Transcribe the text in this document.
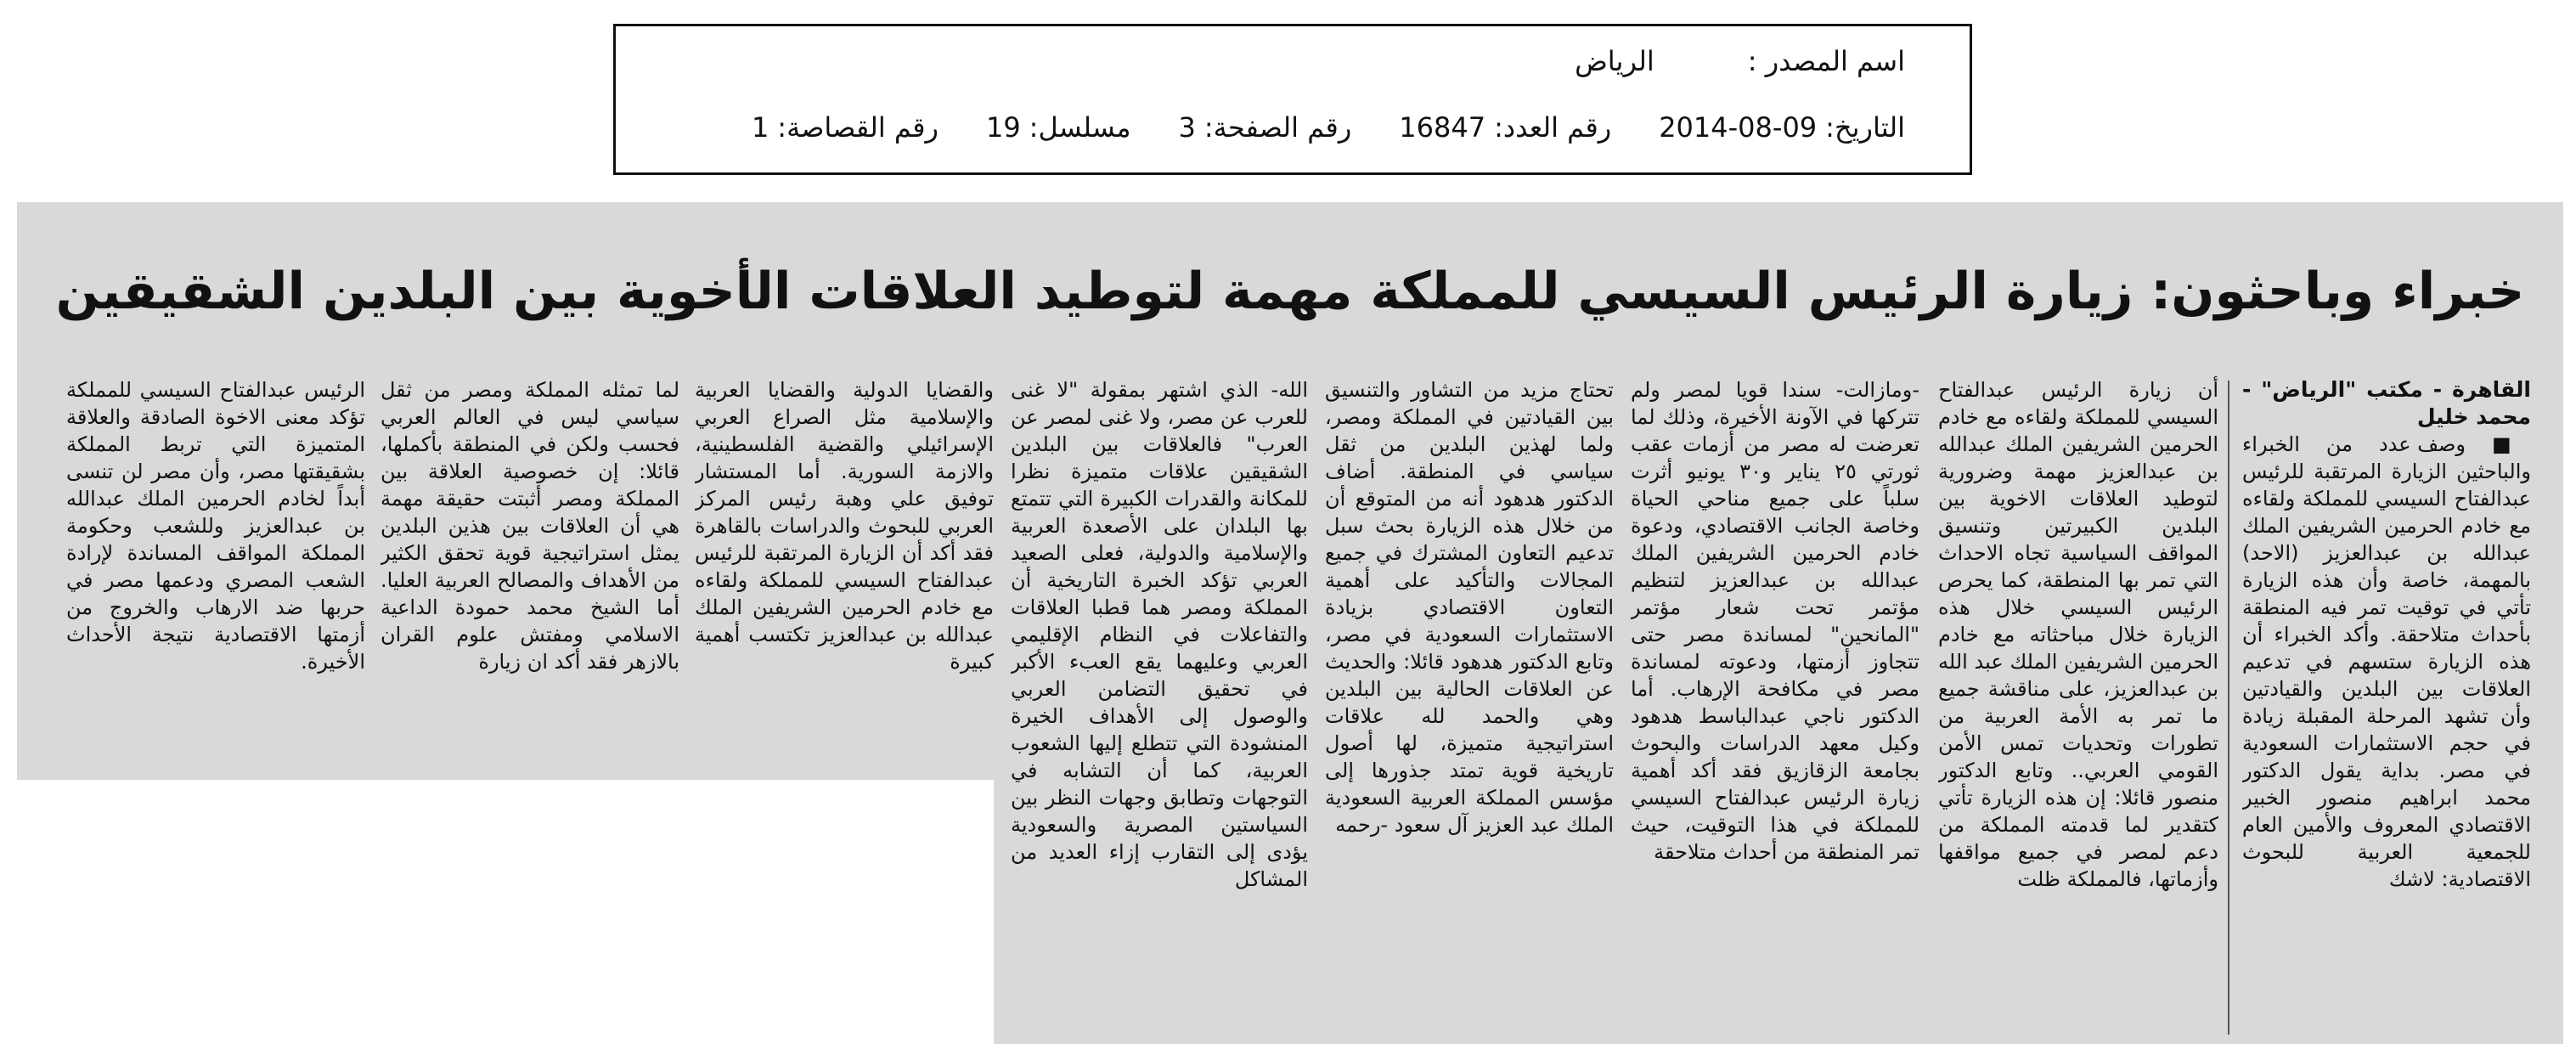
اسم المصدر :الرياض
التاريخ:2014-08-09رقم العدد:16847رقم الصفحة:3مسلسل:19رقم القصاصة:1
خبراء وباحثون: زيارة الرئيس السيسي للمملكة مهمة لتوطيد العلاقات الأخوية بين البلدين الشقيقين

القاهرة - مكتب "الرياض" - محمد خليل

■ وصف عدد من الخبراء والباحثين الزيارة المرتقبة للرئيس عبدالفتاح السيسي للمملكة ولقاءه مع خادم الحرمين الشريفين الملك عبدالله بن عبدالعزيز (الاحد) بالمهمة، خاصة وأن هذه الزيارة تأتي في توقيت تمر فيه المنطقة بأحداث متلاحقة. وأكد الخبراء أن هذه الزيارة ستسهم في تدعيم العلاقات بين البلدين والقيادتين وأن تشهد المرحلة المقبلة زيادة في حجم الاستثمارات السعودية في مصر. بداية يقول الدكتور محمد ابراهيم منصور الخبير الاقتصادي المعروف والأمين العام للجمعية العربية للبحوث الاقتصادية: لاشك

أن زيارة الرئيس عبدالفتاح السيسي للمملكة ولقاءه مع خادم الحرمين الشريفين الملك عبدالله بن عبدالعزيز مهمة وضرورية لتوطيد العلاقات الاخوية بين البلدين الكبيرتين وتنسيق المواقف السياسية تجاه الاحداث التي تمر بها المنطقة، كما يحرص الرئيس السيسي خلال هذه الزيارة خلال مباحثاته مع خادم الحرمين الشريفين الملك عبد الله بن عبدالعزيز، على مناقشة جميع ما تمر به الأمة العربية من تطورات وتحديات تمس الأمن القومي العربي.. وتابع الدكتور منصور قائلا: إن هذه الزيارة تأتي كتقدير لما قدمته المملكة من دعم لمصر في جميع مواقفها وأزماتها، فالمملكة ظلت

-ومازالت- سندا قويا لمصر ولم تتركها في الآونة الأخيرة، وذلك لما تعرضت له مصر من أزمات عقب ثورتي ٢٥ يناير و٣٠ يونيو أثرت سلباً على جميع مناحي الحياة وخاصة الجانب الاقتصادي، ودعوة خادم الحرمين الشريفين الملك عبدالله بن عبدالعزيز لتنظيم مؤتمر تحت شعار مؤتمر "المانحين" لمساندة مصر حتى تتجاوز أزمتها، ودعوته لمساندة مصر في مكافحة الإرهاب. أما الدكتور ناجي عبدالباسط هدهود وكيل معهد الدراسات والبحوث بجامعة الزقازيق فقد أكد أهمية زيارة الرئيس عبدالفتاح السيسي للمملكة في هذا التوقيت، حيث تمر المنطقة من أحداث متلاحقة

تحتاج مزيد من التشاور والتنسيق بين القيادتين في المملكة ومصر، ولما لهذين البلدين من ثقل سياسي في المنطقة. أضاف الدكتور هدهود أنه من المتوقع أن من خلال هذه الزيارة بحث سبل تدعيم التعاون المشترك في جميع المجالات والتأكيد على أهمية التعاون الاقتصادي بزيادة الاستثمارات السعودية في مصر، وتابع الدكتور هدهود قائلا: والحديث عن العلاقات الحالية بين البلدين وهي والحمد لله علاقات استراتيجية متميزة، لها أصول تاريخية قوية تمتد جذورها إلى مؤسس المملكة العربية السعودية الملك عبد العزيز آل سعود -رحمه

الله- الذي اشتهر بمقولة "لا غنى للعرب عن مصر، ولا غنى لمصر عن العرب" فالعلاقات بين البلدين الشقيقين علاقات متميزة نظرا للمكانة والقدرات الكبيرة التي تتمتع بها البلدان على الأصعدة العربية والإسلامية والدولية، فعلى الصعيد العربي تؤكد الخبرة التاريخية أن المملكة ومصر هما قطبا العلاقات والتفاعلات في النظام الإقليمي العربي وعليهما يقع العبء الأكبر في تحقيق التضامن العربي والوصول إلى الأهداف الخيرة المنشودة التي تتطلع إليها الشعوب العربية، كما أن التشابه في التوجهات وتطابق وجهات النظر بين السياستين المصرية والسعودية يؤدى إلى التقارب إزاء العديد من المشاكل

والقضايا الدولية والقضايا العربية والإسلامية مثل الصراع العربي الإسرائيلي والقضية الفلسطينية، والازمة السورية. أما المستشار توفيق علي وهبة رئيس المركز العربي للبحوث والدراسات بالقاهرة فقد أكد أن الزيارة المرتقبة للرئيس عبدالفتاح السيسي للمملكة ولقاءه مع خادم الحرمين الشريفين الملك عبدالله بن عبدالعزيز تكتسب أهمية كبيرة

لما تمثله المملكة ومصر من ثقل سياسي ليس في العالم العربي فحسب ولكن في المنطقة بأكملها، قائلا: إن خصوصية العلاقة بين المملكة ومصر أثبتت حقيقة مهمة هي أن العلاقات بين هذين البلدين يمثل استراتيجية قوية تحقق الكثير من الأهداف والمصالح العربية العليا. أما الشيخ محمد حمودة الداعية الاسلامي ومفتش علوم القران بالازهر فقد أكد ان زيارة

الرئيس عبدالفتاح السيسي للمملكة تؤكد معنى الاخوة الصادقة والعلاقة المتميزة التي تربط المملكة بشقيقتها مصر، وأن مصر لن تنسى أبداً لخادم الحرمين الملك عبدالله بن عبدالعزيز وللشعب وحكومة المملكة المواقف المساندة لإرادة الشعب المصري ودعمها مصر في حربها ضد الارهاب والخروج من أزمتها الاقتصادية نتيجة الأحداث الأخيرة.
